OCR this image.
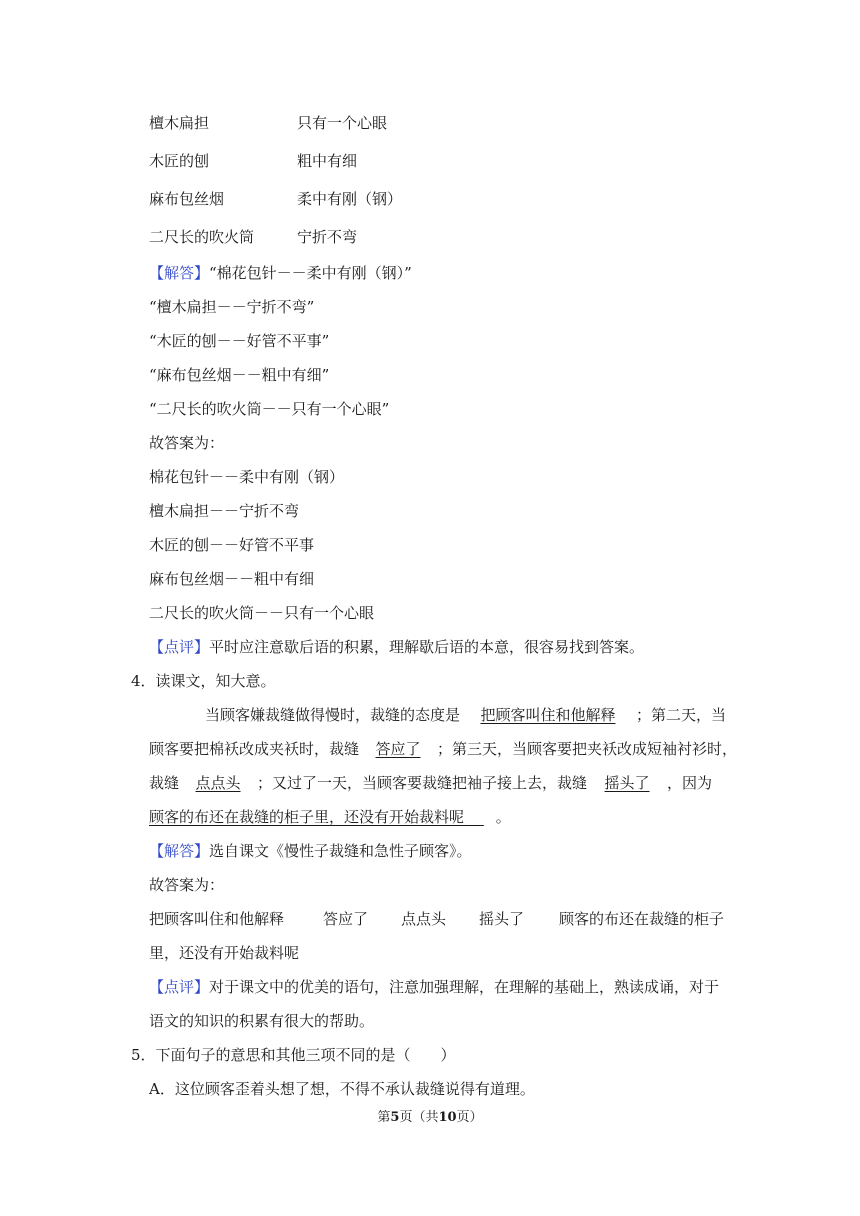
檀木扁担	只有一个心眼
木匠的刨	粗中有细
麻布包丝烟	柔中有刚（钢）
二尺长的吹火筒	宁折不弯
【解答】“棉花包针－－柔中有刚（钢）”
“檀木扁担－－宁折不弯”
“木匠的刨－－好管不平事”
“麻布包丝烟－－粗中有细”
“二尺长的吹火筒－－只有一个心眼”
故答案为：
棉花包针－－柔中有刚（钢）
檀木扁担－－宁折不弯
木匠的刨－－好管不平事
麻布包丝烟－－粗中有细
二尺长的吹火筒－－只有一个心眼
【点评】平时应注意歇后语的积累，理解歇后语的本意，很容易找到答案。
4．读课文，知大意。
当顾客嫌裁缝做得慢时，裁缝的态度是 把顾客叫住和他解释 ；第二天，当
顾客要把棉袄改成夹袄时，裁缝 答应了 ；第三天，当顾客要把夹袄改成短袖衬衫时，
裁缝 点点头 ；又过了一天，当顾客要裁缝把袖子接上去，裁缝 摇头了 ，因为
顾客的布还在裁缝的柜子里，还没有开始裁料呢　 。
【解答】选自课文《慢性子裁缝和急性子顾客》。
故答案为：
把顾客叫住和他解释	答应了 点点头 摇头了 顾客的布还在裁缝的柜子
里，还没有开始裁料呢
【点评】对于课文中的优美的语句，注意加强理解，在理解的基础上，熟读成诵，对于
语文的知识的积累有很大的帮助。
5．下面句子的意思和其他三项不同的是（　　）
A．这位顾客歪着头想了想，不得不承认裁缝说得有道理。
第5页（共10页）
